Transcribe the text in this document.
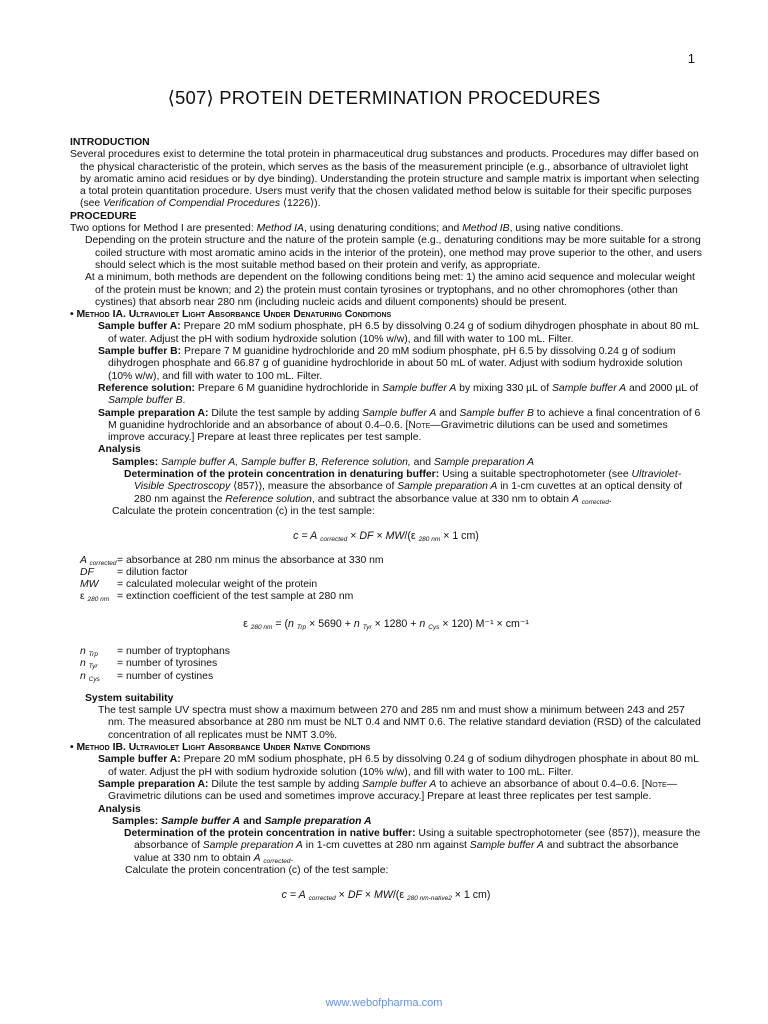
1
⟨507⟩ PROTEIN DETERMINATION PROCEDURES
INTRODUCTION
Several procedures exist to determine the total protein in pharmaceutical drug substances and products. Procedures may differ based on the physical characteristic of the protein, which serves as the basis of the measurement principle (e.g., absorbance of ultraviolet light by aromatic amino acid residues or by dye binding). Understanding the protein structure and sample matrix is important when selecting a total protein quantitation procedure. Users must verify that the chosen validated method below is suitable for their specific purposes (see Verification of Compendial Procedures ⟨1226⟩).
PROCEDURE
Two options for Method I are presented: Method IA, using denaturing conditions; and Method IB, using native conditions.
Depending on the protein structure and the nature of the protein sample (e.g., denaturing conditions may be more suitable for a strong coiled structure with most aromatic amino acids in the interior of the protein), one method may prove superior to the other, and users should select which is the most suitable method based on their protein and verify, as appropriate.
At a minimum, both methods are dependent on the following conditions being met: 1) the amino acid sequence and molecular weight of the protein must be known; and 2) the protein must contain tyrosines or tryptophans, and no other chromophores (other than cystines) that absorb near 280 nm (including nucleic acids and diluent components) should be present.
• Method IA. Ultraviolet Light Absorbance Under Denaturing Conditions
Sample buffer A: Prepare 20 mM sodium phosphate, pH 6.5 by dissolving 0.24 g of sodium dihydrogen phosphate in about 80 mL of water. Adjust the pH with sodium hydroxide solution (10% w/w), and fill with water to 100 mL. Filter.
Sample buffer B: Prepare 7 M guanidine hydrochloride and 20 mM sodium phosphate, pH 6.5 by dissolving 0.24 g of sodium dihydrogen phosphate and 66.87 g of guanidine hydrochloride in about 50 mL of water. Adjust with sodium hydroxide solution (10% w/w), and fill with water to 100 mL. Filter.
Reference solution: Prepare 6 M guanidine hydrochloride in Sample buffer A by mixing 330 µL of Sample buffer A and 2000 µL of Sample buffer B.
Sample preparation A: Dilute the test sample by adding Sample buffer A and Sample buffer B to achieve a final concentration of 6 M guanidine hydrochloride and an absorbance of about 0.4–0.6. [Note—Gravimetric dilutions can be used and sometimes improve accuracy.] Prepare at least three replicates per test sample.
Analysis
Samples: Sample buffer A, Sample buffer B, Reference solution, and Sample preparation A
Determination of the protein concentration in denaturing buffer: Using a suitable spectrophotometer (see Ultraviolet-Visible Spectroscopy ⟨857⟩), measure the absorbance of Sample preparation A in 1-cm cuvettes at an optical density of 280 nm against the Reference solution, and subtract the absorbance value at 330 nm to obtain A $_{corrected}$.
Calculate the protein concentration (c) in the test sample:
c = A $_{corrected}$ × DF × MW/(ε $_{280 nm}$ × 1 cm)
A $_{corrected}$ = absorbance at 280 nm minus the absorbance at 330 nm
DF	= dilution factor
MW	= calculated molecular weight of the protein
ε $_{280 nm}$ = extinction coefficient of the test sample at 280 nm
ε $_{280 nm}$ = (n $_{Trp}$ × 5690 + n $_{Tyr}$ × 1280 + n $_{Cys}$ × 120) M⁻¹ × cm⁻¹
n $_{Trp}$	= number of tryptophans
n $_{Tyr}$	= number of tyrosines
n $_{Cys}$	= number of cystines
System suitability
The test sample UV spectra must show a maximum between 270 and 285 nm and must show a minimum between 243 and 257 nm. The measured absorbance at 280 nm must be NLT 0.4 and NMT 0.6. The relative standard deviation (RSD) of the calculated concentration of all replicates must be NMT 3.0%.
• Method IB. Ultraviolet Light Absorbance Under Native Conditions
Sample buffer A: Prepare 20 mM sodium phosphate, pH 6.5 by dissolving 0.24 g of sodium dihydrogen phosphate in about 80 mL of water. Adjust the pH with sodium hydroxide solution (10% w/w), and fill with water to 100 mL. Filter.
Sample preparation A: Dilute the test sample by adding Sample buffer A to achieve an absorbance of about 0.4–0.6. [Note—Gravimetric dilutions can be used and sometimes improve accuracy.] Prepare at least three replicates per test sample.
Analysis
Samples: Sample buffer A and Sample preparation A
Determination of the protein concentration in native buffer: Using a suitable spectrophotometer (see ⟨857⟩), measure the absorbance of Sample preparation A in 1-cm cuvettes at 280 nm against Sample buffer A and subtract the absorbance value at 330 nm to obtain A $_{corrected}$.
Calculate the protein concentration (c) of the test sample:
c = A $_{corrected}$ × DF × MW/(ε $_{280 nm-native2}$ × 1 cm)
www.webofpharma.com
